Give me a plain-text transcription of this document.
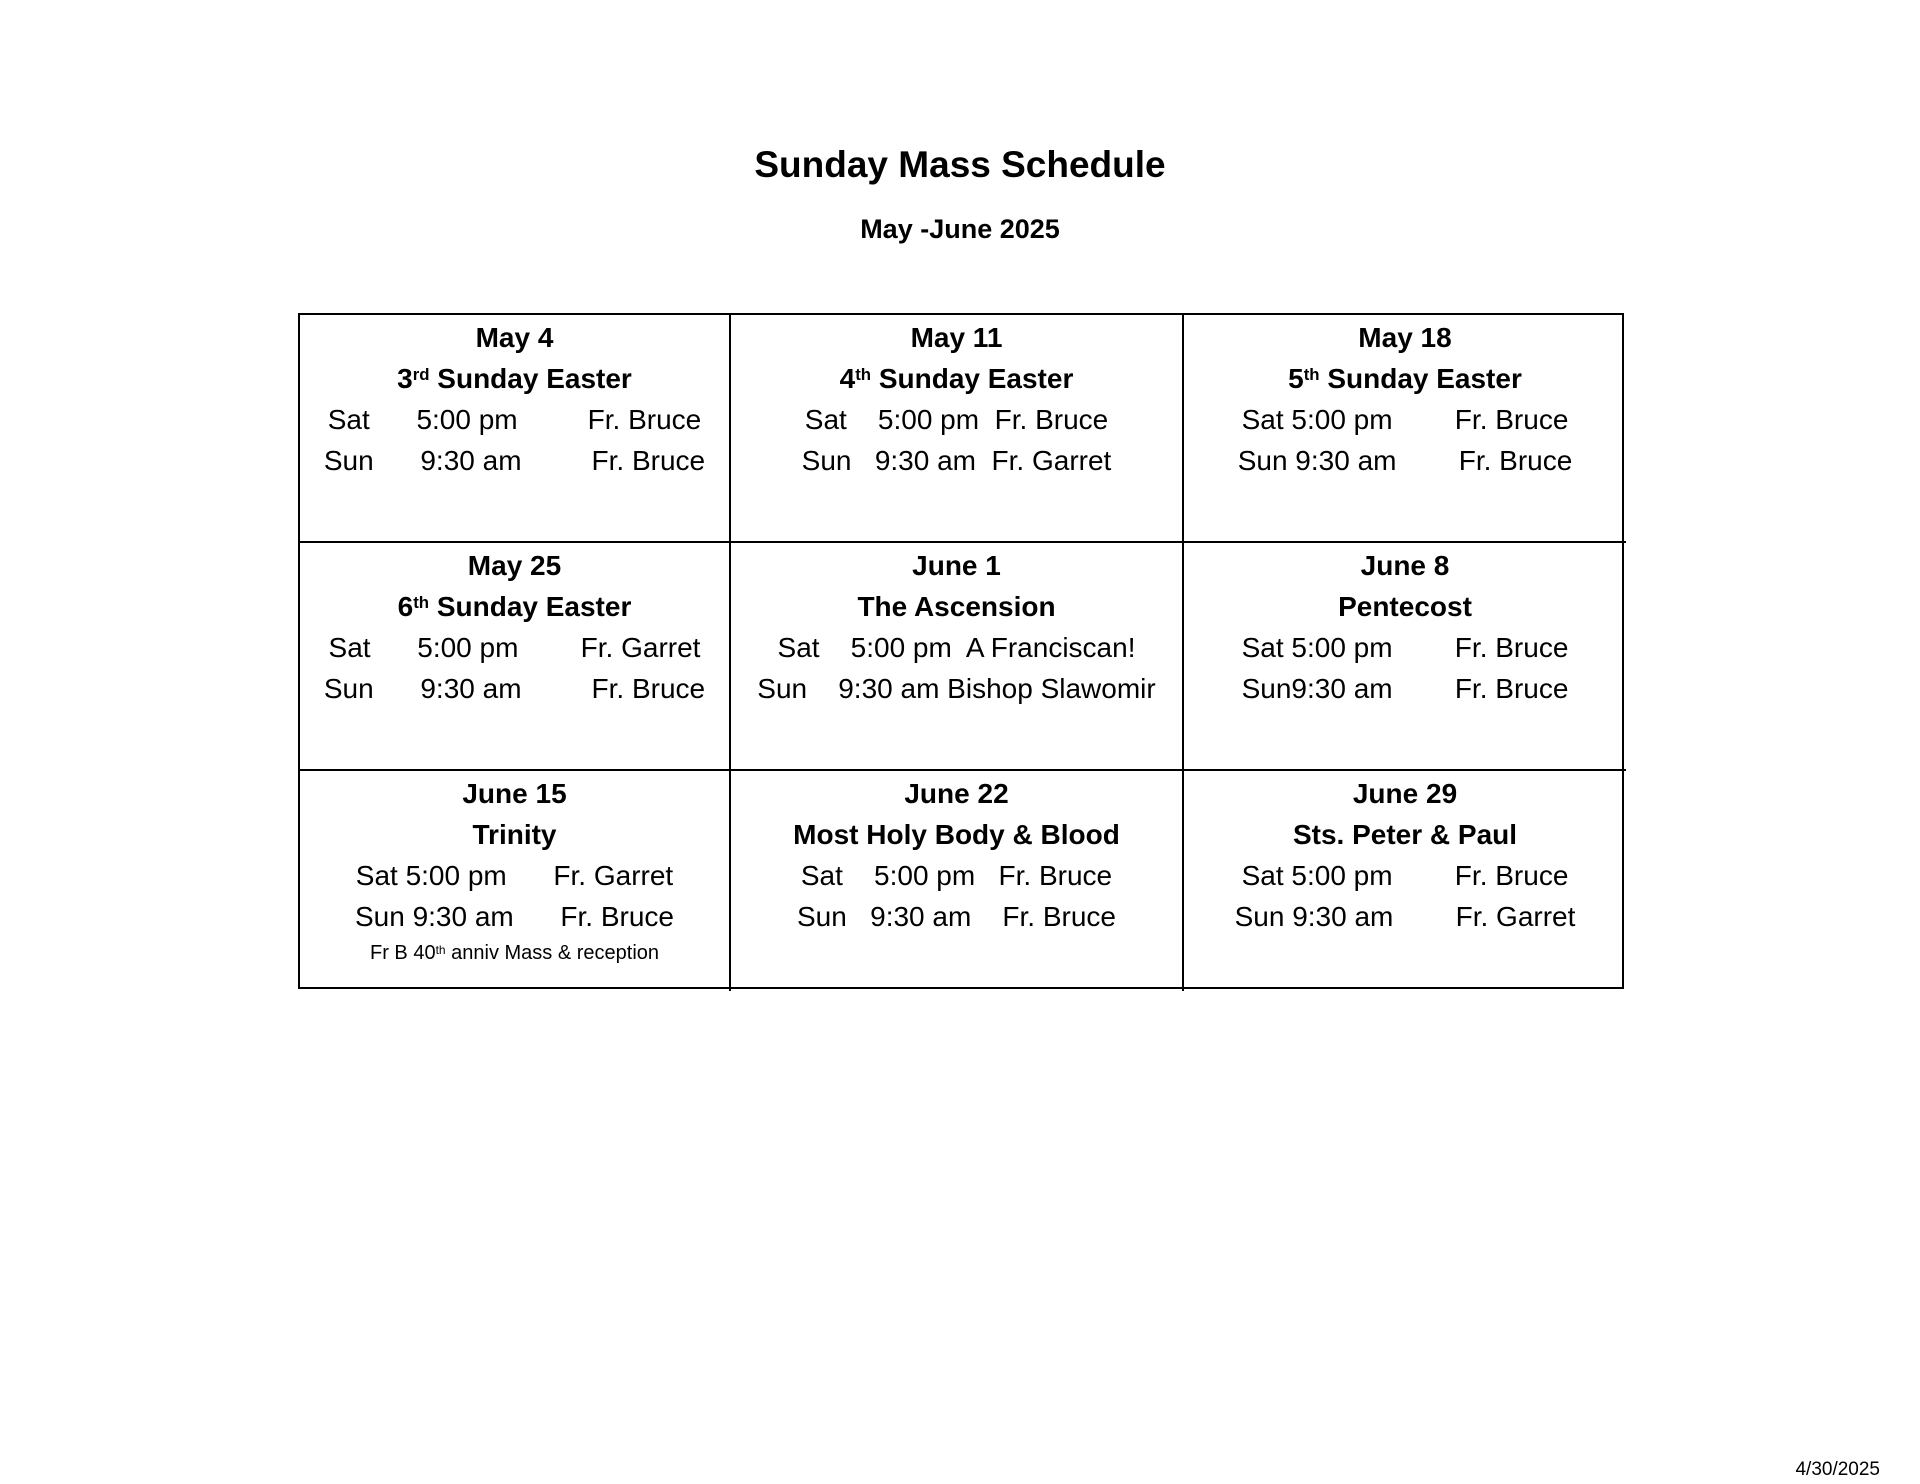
Sunday Mass Schedule
May -June 2025
May 4
3rd Sunday Easter
Sat      5:00 pm         Fr. Bruce
Sun      9:30 am         Fr. Bruce
May 11
4th Sunday Easter
Sat    5:00 pm  Fr. Bruce
Sun   9:30 am  Fr. Garret
May 18
5th Sunday Easter
Sat 5:00 pm        Fr. Bruce
Sun 9:30 am        Fr. Bruce
May 25
6th Sunday Easter
Sat      5:00 pm        Fr. Garret
Sun      9:30 am         Fr. Bruce
June 1
The Ascension
Sat    5:00 pm  A Franciscan!
Sun    9:30 am Bishop Slawomir
June 8
Pentecost
Sat 5:00 pm        Fr. Bruce
Sun9:30 am        Fr. Bruce
June 15
Trinity
Sat 5:00 pm      Fr. Garret
Sun 9:30 am      Fr. Bruce
Fr B 40th anniv Mass & reception
June 22
Most Holy Body & Blood
Sat    5:00 pm   Fr. Bruce
Sun   9:30 am    Fr. Bruce
June 29
Sts. Peter & Paul
Sat 5:00 pm        Fr. Bruce
Sun 9:30 am        Fr. Garret
4/30/2025
